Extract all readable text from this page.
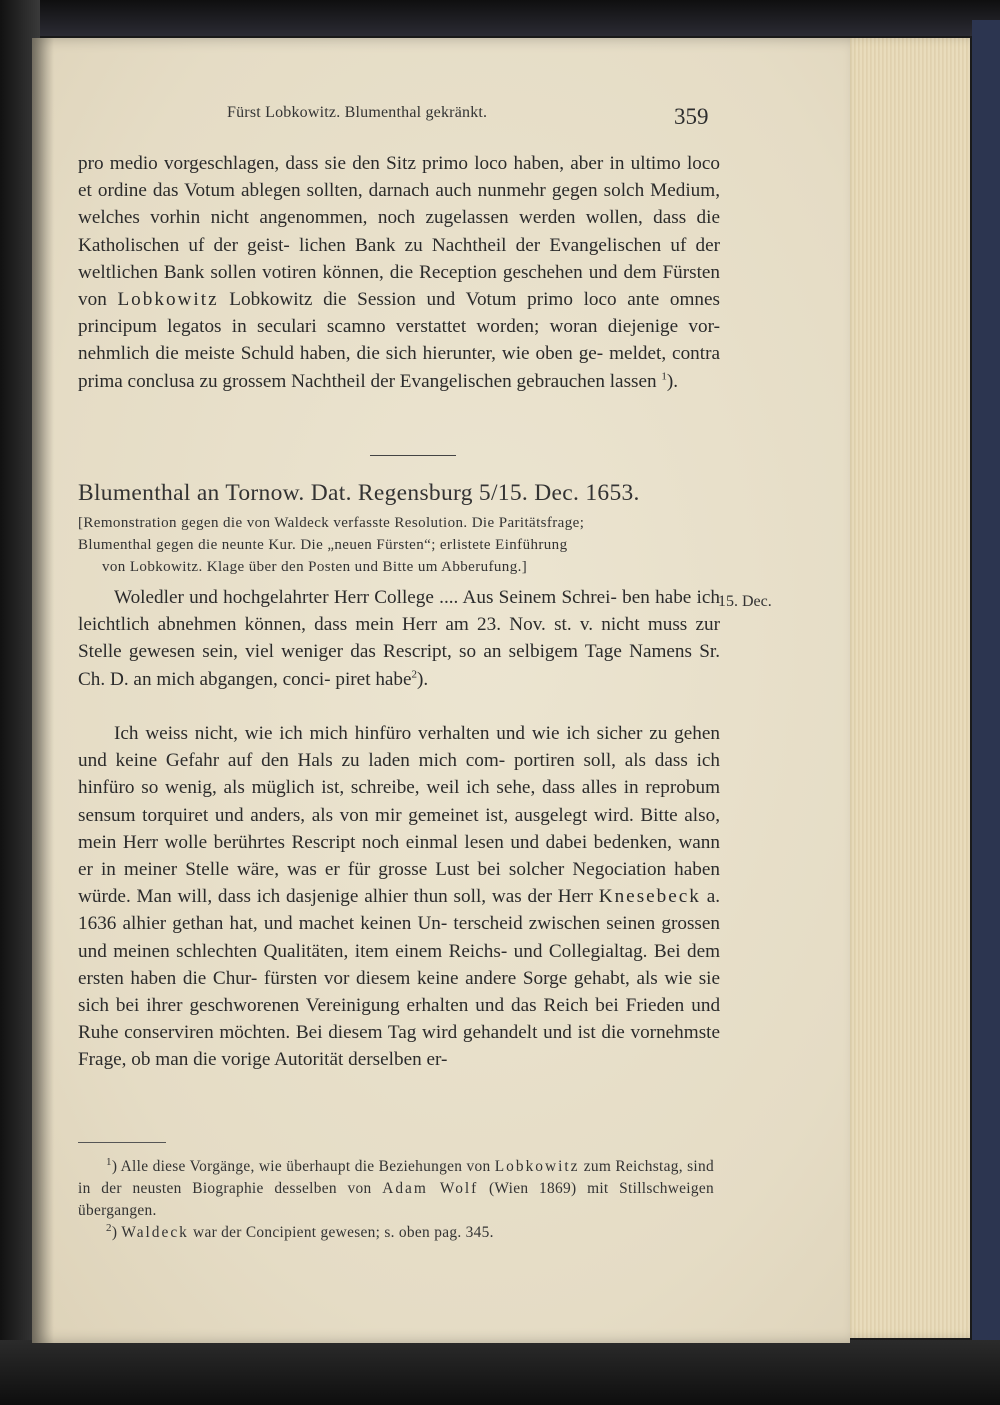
Fürst Lobkowitz. Blumenthal gekränkt.	359

pro medio vorgeschlagen, dass sie den Sitz primo loco haben, aber in ultimo loco et ordine das Votum ablegen sollten, darnach auch nunmehr gegen solch Medium, welches vorhin nicht angenommen, noch zugelassen werden wollen, dass die Katholischen uf der geist- lichen Bank zu Nachtheil der Evangelischen uf der weltlichen Bank sollen votiren können, die Reception geschehen und dem Fürsten von Lobkowitz Lobkowitz die Session und Votum primo loco ante omnes principum legatos in seculari scamno verstattet worden; woran diejenige vor- nehmlich die meiste Schuld haben, die sich hierunter, wie oben ge- meldet, contra prima conclusa zu grossem Nachtheil der Evangelischen gebrauchen lassen $^1$).

Blumenthal an Tornow. Dat. Regensburg 5/15. Dec. 1653.
[Remonstration gegen die von Waldeck verfasste Resolution. Die Paritätsfrage;
Blumenthal gegen die neunte Kur. Die „neuen Fürsten“; erlistete Einführung
von Lobkowitz. Klage über den Posten und Bitte um Abberufung.]
15. Dec.

Woledler und hochgelahrter Herr College .... Aus Seinem Schrei- ben habe ich leichtlich abnehmen können, dass mein Herr am 23. Nov. st. v. nicht muss zur Stelle gewesen sein, viel weniger das Rescript, so an selbigem Tage Namens Sr. Ch. D. an mich abgangen, conci- piret habe$^2$).

Ich weiss nicht, wie ich mich hinfüro verhalten und wie ich sicher zu gehen und keine Gefahr auf den Hals zu laden mich com- portiren soll, als dass ich hinfüro so wenig, als müglich ist, schreibe, weil ich sehe, dass alles in reprobum sensum torquiret und anders, als von mir gemeinet ist, ausgelegt wird. Bitte also, mein Herr wolle berührtes Rescript noch einmal lesen und dabei bedenken, wann er in meiner Stelle wäre, was er für grosse Lust bei solcher Negociation haben würde. Man will, dass ich dasjenige alhier thun soll, was der Herr Knesebeck a. 1636 alhier gethan hat, und machet keinen Un- terscheid zwischen seinen grossen und meinen schlechten Qualitäten, item einem Reichs- und Collegialtag. Bei dem ersten haben die Chur- fürsten vor diesem keine andere Sorge gehabt, als wie sie sich bei ihrer geschworenen Vereinigung erhalten und das Reich bei Frieden und Ruhe conserviren möchten. Bei diesem Tag wird gehandelt und ist die vornehmste Frage, ob man die vorige Autorität derselben er-

$^1$) Alle diese Vorgänge, wie überhaupt die Beziehungen von Lobkowitz zum Reichstag, sind in der neusten Biographie desselben von Adam Wolf (Wien 1869) mit Stillschweigen übergangen.

$^2$) Waldeck war der Concipient gewesen; s. oben pag. 345.
